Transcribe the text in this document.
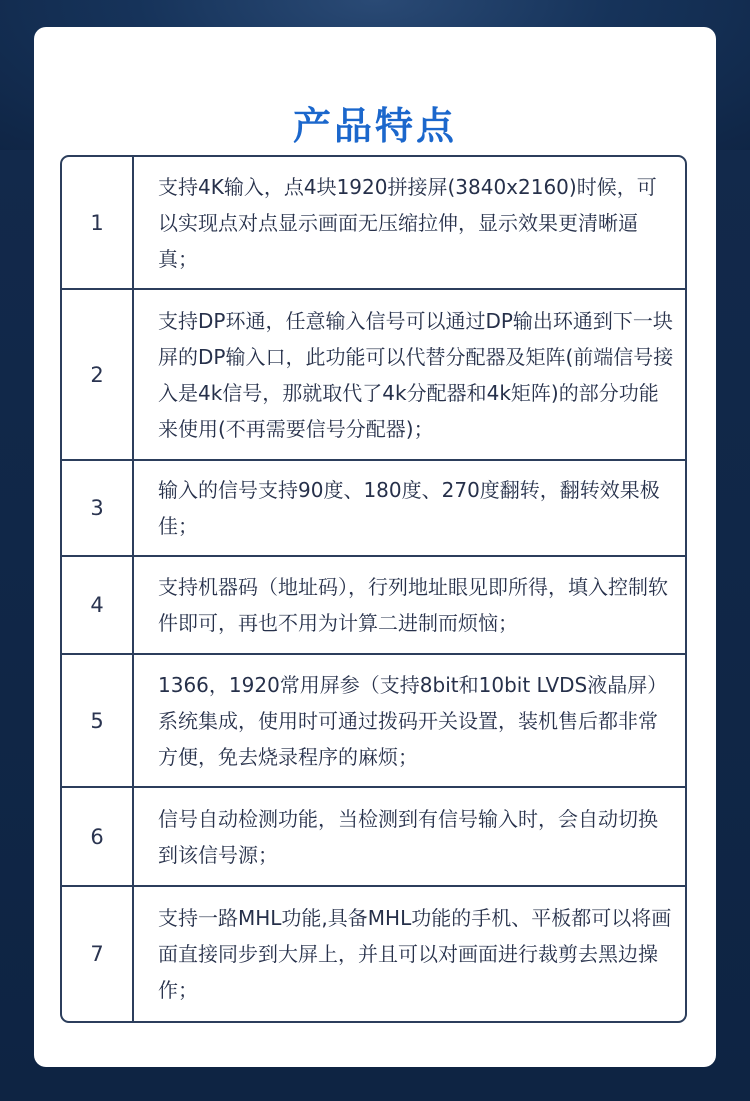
产品特点
1
支持4K输入，点4块1920拼接屏(3840x2160)时候，可以实现点对点显示画面无压缩拉伸，显示效果更清晰逼真；
2
支持DP环通，任意输入信号可以通过DP输出环通到下一块屏的DP输入口，此功能可以代替分配器及矩阵(前端信号接入是4k信号，那就取代了4k分配器和4k矩阵)的部分功能来使用(不再需要信号分配器)；
3
输入的信号支持90度、180度、270度翻转，翻转效果极佳；
4
支持机器码（地址码），行列地址眼见即所得，填入控制软件即可，再也不用为计算二进制而烦恼；
5
1366，1920常用屏参（支持8bit和10bit LVDS液晶屏）系统集成，使用时可通过拨码开关设置，装机售后都非常方便，免去烧录程序的麻烦；
6
信号自动检测功能，当检测到有信号输入时，会自动切换到该信号源；
7
支持一路MHL功能,具备MHL功能的手机、平板都可以将画面直接同步到大屏上，并且可以对画面进行裁剪去黑边操作；
